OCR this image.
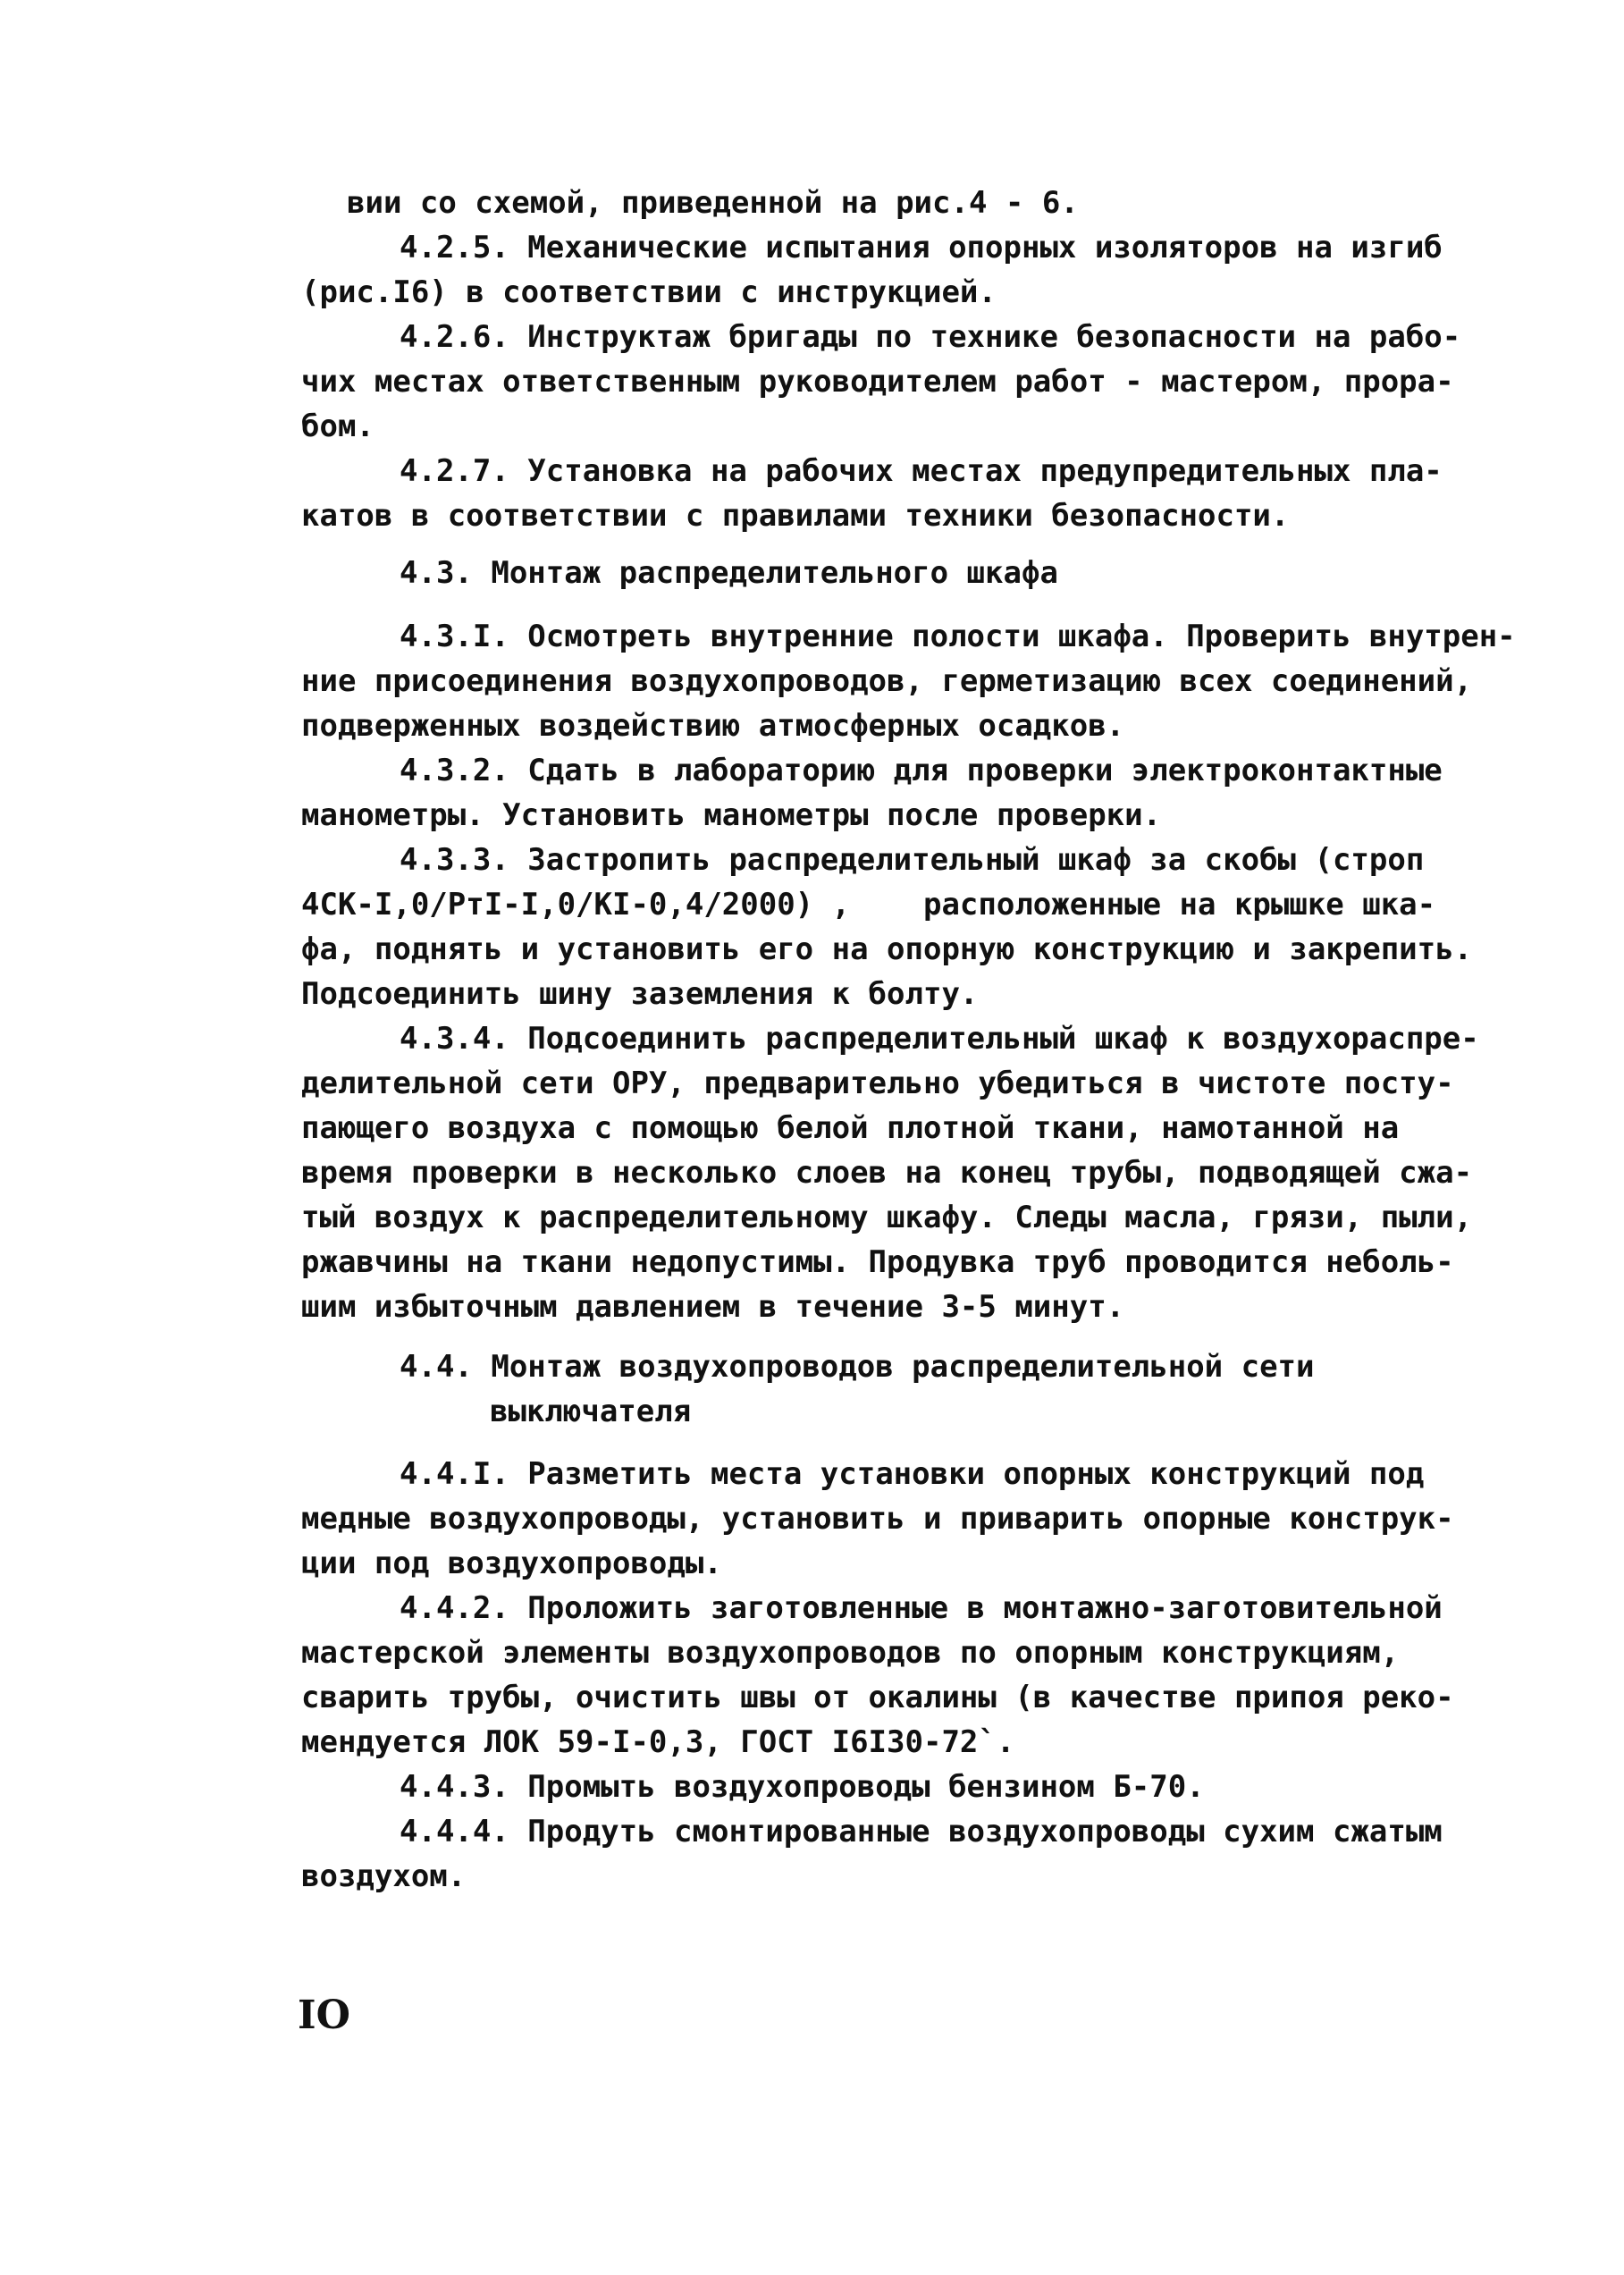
вии со схемой, приведенной на рис.4 - 6.
4.2.5. Механические испытания опорных изоляторов на изгиб
(рис.I6) в соответствии с инструкцией.
4.2.6. Инструктаж бригады по технике безопасности на рабо-
чих местах ответственным руководителем работ - мастером, прора-
бом.
4.2.7. Установка на рабочих местах предупредительных пла-
катов в соответствии с правилами техники безопасности.
4.3. Монтаж распределительного шкафа
4.3.I. Осмотреть внутренние полости шкафа. Проверить внутрен-
ние присоединения воздухопроводов, герметизацию всех соединений,
подверженных воздействию атмосферных осадков.
4.3.2. Сдать в лабораторию для проверки электроконтактные
манометры. Установить манометры после проверки.
4.3.3. Застропить распределительный шкаф за скобы (строп
4СК-I,0/РтI-I,0/КI-0,4/2000) ,    расположенные на крышке шка-
фа, поднять и установить его на опорную конструкцию и закрепить.
Подсоединить шину заземления к болту.
4.3.4. Подсоединить распределительный шкаф к воздухораспре-
делительной сети ОРУ, предварительно убедиться в чистоте посту-
пающего воздуха с помощью белой плотной ткани, намотанной на
время проверки в несколько слоев на конец трубы, подводящей сжа-
тый воздух к распределительному шкафу. Следы масла, грязи, пыли,
ржавчины на ткани недопустимы. Продувка труб проводится неболь-
шим избыточным давлением в течение 3-5 минут.
4.4. Монтаж воздухопроводов распределительной сети
выключателя
4.4.I. Разметить места установки опорных конструкций под
медные воздухопроводы, установить и приварить опорные конструк-
ции под воздухопроводы.
4.4.2. Проложить заготовленные в монтажно-заготовительной
мастерской элементы воздухопроводов по опорным конструкциям,
сварить трубы, очистить швы от окалины (в качестве припоя реко-
мендуется ЛОК 59-I-0,3, ГОСТ I6I30-72`.
4.4.3. Промыть воздухопроводы бензином Б-70.
4.4.4. Продуть смонтированные воздухопроводы сухим сжатым
воздухом.
IO
